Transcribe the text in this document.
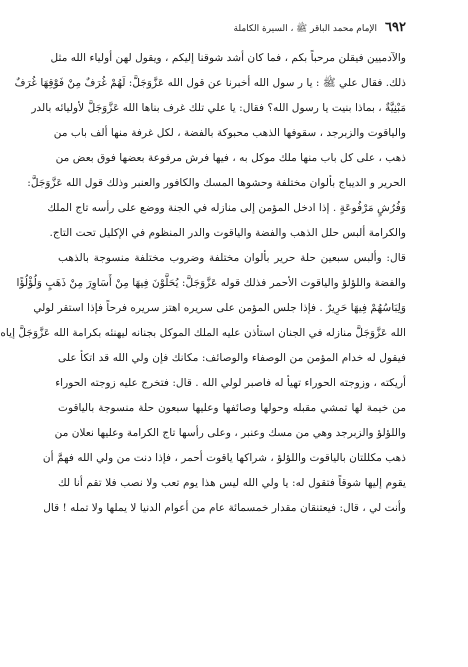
٦٩٢
الإمام محمد الباقر ﷺ ، السيرة الكاملة
والآدميين فيقلن مرحباً بكم ، فما كان أشد شوقنا إليكم ، ويقول لهن أولياء الله مثل
ذلك. فقال علي ﷺ : يا ر سول الله أخبرنا عن قول الله عَزَّوَجَلَّ: لَهُمْ غُرَفٌ مِنْ فَوْقِهَا غُرَفٌ
مَبْنِيَّةٌ ، بماذا بنيت يا رسول الله؟ فقال: يا علي تلك غرف بناها الله عَزَّوَجَلَّ لأوليائه بالدر
والياقوت والزبرجد ، سقوفها الذهب محبوكة بالفضة ، لكل غرفة منها ألف باب من
ذهب ، على كل باب منها ملك موكل به ، فيها فرش مرفوعة بعضها فوق بعض من
الحرير و الديباج بألوان مختلفة وحشوها المسك والكافور والعنبر وذلك قول الله عَزَّوَجَلَّ:
وَفُرُشٍ مَرْفُوعَةٍ . إذا ادخل المؤمن إلى منازله في الجنة ووضع على رأسه تاج الملك
والكرامة ألبس حلل الذهب والفضة والياقوت والدر المنظوم في الإكليل تحت التاج.
قال: وألبس سبعين حلة حرير بألوان مختلفة وضروب مختلفة منسوجة بالذهب
والفضة واللؤلؤ والياقوت الأحمر فذلك قوله عَزَّوَجَلَّ: يُحَلَّوْنَ فِيهَا مِنْ أَسَاوِرَ مِنْ ذَهَبٍ وَلُؤْلُؤًا
وَلِبَاسُهُمْ فِيهَا حَرِيرٌ . فإذا جلس المؤمن على سريره اهتز سريره فرحاً فإذا استقر لولي
الله عَزَّوَجَلَّ منازله في الجنان استأذن عليه الملك الموكل بجنانه ليهنئه بكرامة الله عَزَّوَجَلَّ إياه
فيقول له خدام المؤمن من الوصفاء والوصائف: مكانك فإن ولي الله قد اتكأ على
أريكته ، وزوجته الحوراء تهيأ له فاصبر لولي الله . قال: فتخرج عليه زوجته الحوراء
من خيمة لها تمشي مقبله وحولها وصائفها وعليها سبعون حلة منسوجة بالياقوت
واللؤلؤ والزبرجد وهي من مسك وعنبر ، وعلى رأسها تاج الكرامة وعليها نعلان من
ذهب مكللتان بالياقوت واللؤلؤ ، شراكها ياقوت أحمر ، فإذا دنت من ولي الله فهمَّ أن
يقوم إليها شوقاً فتقول له: يا ولي الله ليس هذا يوم تعب ولا نصب فلا تقم أنا لك
وأنت لي ، قال: فيعتنقان مقدار خمسمائة عام من أعوام الدنيا لا يملها ولا تمله ! قال
